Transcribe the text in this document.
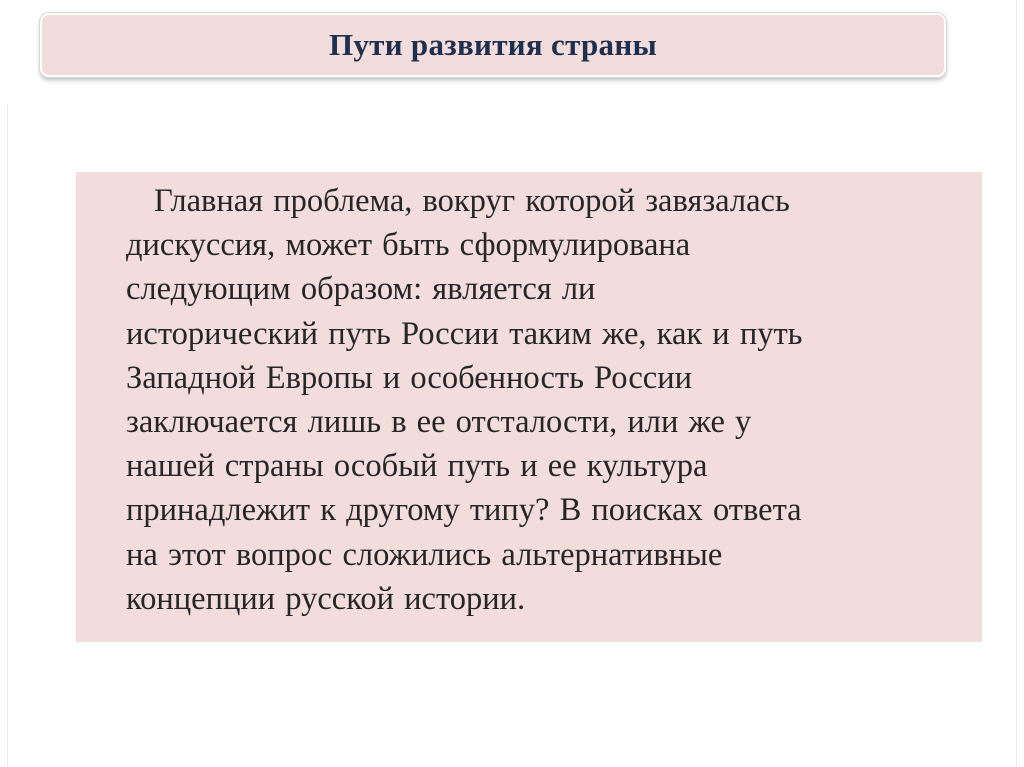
Пути развития страны

Главная проблема, вокруг которой завязалась
дискуссия, может быть сформулирована
следующим образом: является ли
исторический путь России таким же, как и путь
Западной Европы и особенность России
заключается лишь в ее отсталости, или же у
нашей страны особый путь и ее культура
принадлежит к другому типу? В поисках ответа
на этот вопрос сложились альтернативные
концепции русской истории.
